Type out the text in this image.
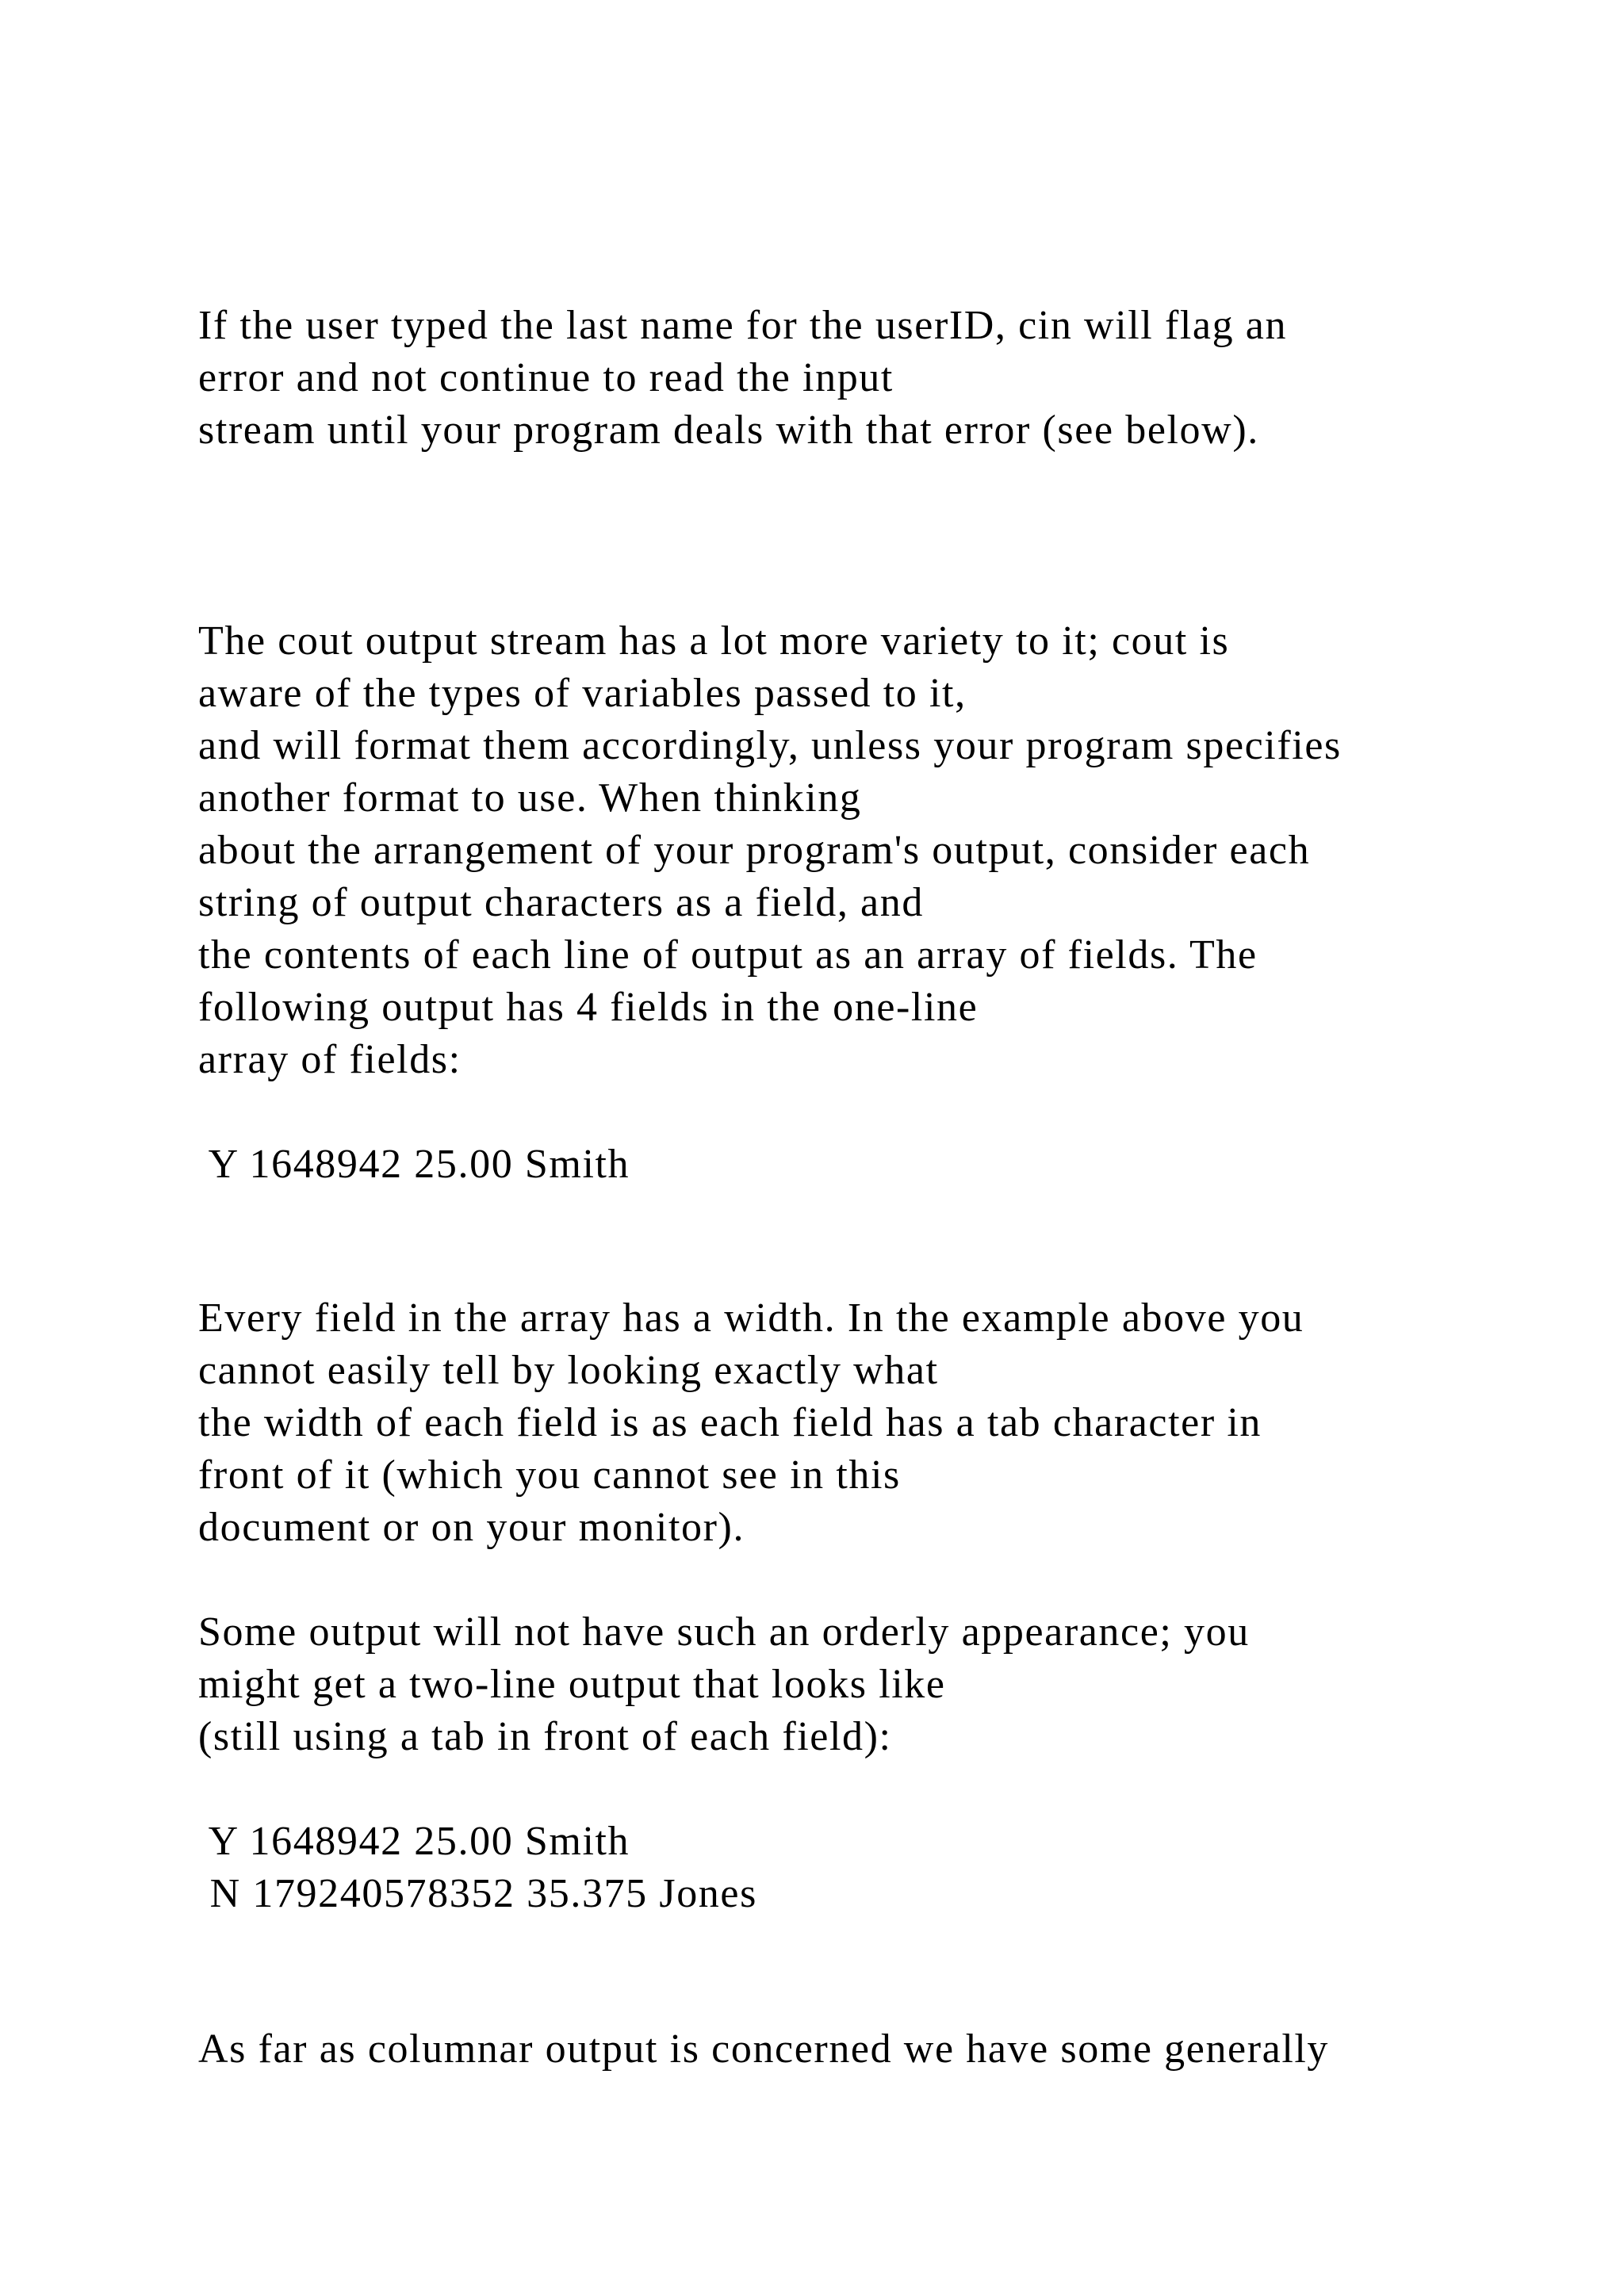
If the user typed the last name for the userID, cin will flag an

error and not continue to read the input

stream until your program deals with that error (see below).

The cout output stream has a lot more variety to it; cout is

aware of the types of variables passed to it,

and will format them accordingly, unless your program specifies

another format to use. When thinking

about the arrangement of your program's output, consider each

string of output characters as a field, and

the contents of each line of output as an array of fields. The

following output has 4 fields in the one-line

array of fields:

Y 1648942 25.00 Smith

Every field in the array has a width. In the example above you

cannot easily tell by looking exactly what

the width of each field is as each field has a tab character in

front of it (which you cannot see in this

document or on your monitor).

Some output will not have such an orderly appearance; you

might get a two-line output that looks like

(still using a tab in front of each field):

Y 1648942 25.00 Smith

N 179240578352 35.375 Jones

As far as columnar output is concerned we have some generally
